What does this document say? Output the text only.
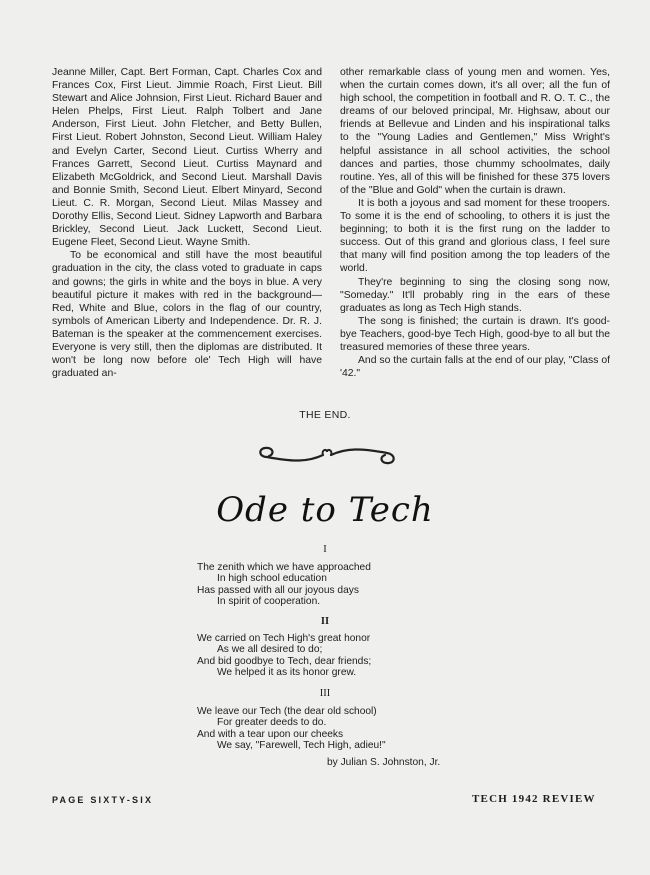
Jeanne Miller, Capt. Bert Forman, Capt. Charles Cox and Frances Cox, First Lieut. Jimmie Roach, First Lieut. Bill Stewart and Alice Johnsion, First Lieut. Richard Bauer and Helen Phelps, First Lieut. Ralph Tolbert and Jane Anderson, First Lieut. John Fletcher, and Betty Bullen, First Lieut. Robert Johnston, Second Lieut. William Haley and Evelyn Carter, Second Lieut. Curtiss Wherry and Frances Garrett, Second Lieut. Curtiss Maynard and Elizabeth McGoldrick, and Second Lieut. Marshall Davis and Bonnie Smith, Second Lieut. Elbert Minyard, Second Lieut. C. R. Morgan, Second Lieut. Milas Massey and Dorothy Ellis, Second Lieut. Sidney Lapworth and Barbara Brickley, Second Lieut. Jack Luckett, Second Lieut. Eugene Fleet, Second Lieut. Wayne Smith.

To be economical and still have the most beautiful graduation in the city, the class voted to graduate in caps and gowns; the girls in white and the boys in blue. A very beautiful picture it makes with red in the background—Red, White and Blue, colors in the flag of our country, symbols of American Liberty and Independence. Dr. R. J. Bateman is the speaker at the commencement exercises. Everyone is very still, then the diplomas are distributed. It won't be long now before ole' Tech High will have graduated an-

other remarkable class of young men and women. Yes, when the curtain comes down, it's all over; all the fun of high school, the competition in football and R. O. T. C., the dreams of our beloved principal, Mr. Highsaw, about our friends at Bellevue and Linden and his inspirational talks to the "Young Ladies and Gentlemen," Miss Wright's helpful assistance in all school activities, the school dances and parties, those chummy schoolmates, daily routine. Yes, all of this will be finished for these 375 lovers of the "Blue and Gold" when the curtain is drawn.

It is both a joyous and sad moment for these troopers. To some it is the end of schooling, to others it is just the beginning; to both it is the first rung on the ladder to success. Out of this grand and glorious class, I feel sure that many will find position among the top leaders of the world.

They're beginning to sing the closing song now, "Someday." It'll probably ring in the ears of these graduates as long as Tech High stands.

The song is finished; the curtain is drawn. It's good-bye Teachers, good-bye Tech High, good-bye to all but the treasured memories of these three years.

And so the curtain falls at the end of our play, "Class of '42."

THE END.
Ode to Tech
I
The zenith which we have approached
In high school education
Has passed with all our joyous days
In spirit of cooperation.
II
We carried on Tech High's great honor
As we all desired to do;
And bid goodbye to Tech, dear friends;
We helped it as its honor grew.
III
We leave our Tech (the dear old school)
For greater deeds to do.
And with a tear upon our cheeks
We say, "Farewell, Tech High, adieu!"
by Julian S. Johnston, Jr.
PAGE SIXTY-SIX	TECH 1942 REVIEW
